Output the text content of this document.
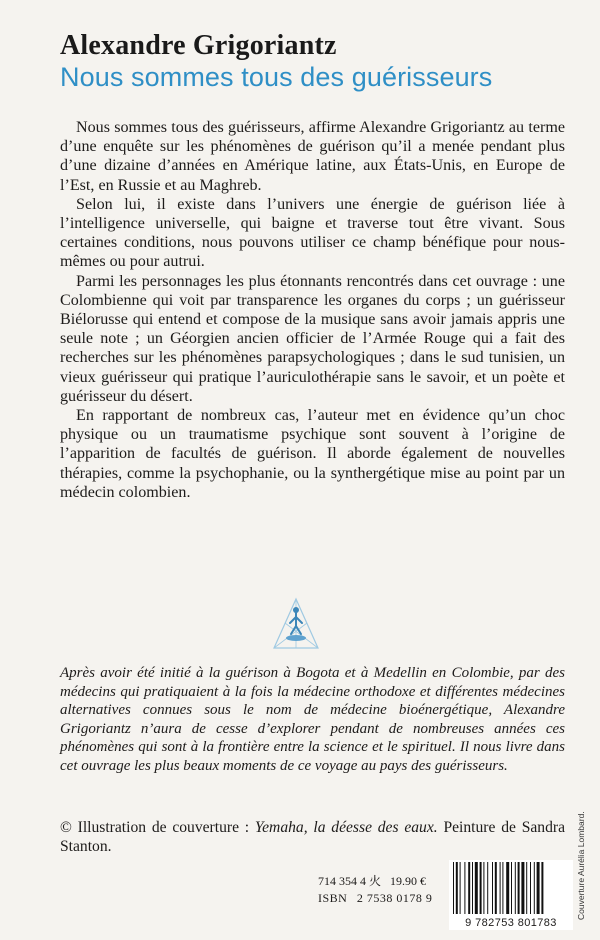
Alexandre Grigoriantz
Nous sommes tous des guérisseurs

Nous sommes tous des guérisseurs, affirme Alexandre Grigoriantz au terme d’une enquête sur les phénomènes de guérison qu’il a menée pendant plus d’une dizaine d’années en Amérique latine, aux États-Unis, en Europe de l’Est, en Russie et au Maghreb.

Selon lui, il existe dans l’univers une énergie de guérison liée à l’intelligence universelle, qui baigne et traverse tout être vivant. Sous certaines conditions, nous pouvons utiliser ce champ bénéfique pour nous-mêmes ou pour autrui.

Parmi les personnages les plus étonnants rencontrés dans cet ouvrage : une Colombienne qui voit par transparence les organes du corps ; un guérisseur Biélorusse qui entend et compose de la musique sans avoir jamais appris une seule note ; un Géorgien ancien officier de l’Armée Rouge qui a fait des recherches sur les phénomènes parapsychologiques ; dans le sud tunisien, un vieux guérisseur qui pratique l’auriculothérapie sans le savoir, et un poète et guérisseur du désert.

En rapportant de nombreux cas, l’auteur met en évidence qu’un choc physique ou un traumatisme psychique sont souvent à l’origine de l’apparition de facultés de guérison. Il aborde également de nouvelles thérapies, comme la psychophanie, ou la synthergétique mise au point par un médecin colombien.

Après avoir été initié à la guérison à Bogota et à Medellin en Colombie, par des médecins qui pratiquaient à la fois la médecine orthodoxe et différentes médecines alternatives connues sous le nom de médecine bioénergétique, Alexandre Grigoriantz n’aura de cesse d’explorer pendant de nombreuses années ces phénomènes qui sont à la frontière entre la science et le spirituel. Il nous livre dans cet ouvrage les plus beaux moments de ce voyage au pays des guérisseurs.
© Illustration de couverture : Yemaha, la déesse des eaux. Peinture de Sandra Stanton.
714 354 4 ⽕ 19.90 €
ISBN 2 7538 0178 9
9 782753 801783
Couverture Aurélia Lombard.
